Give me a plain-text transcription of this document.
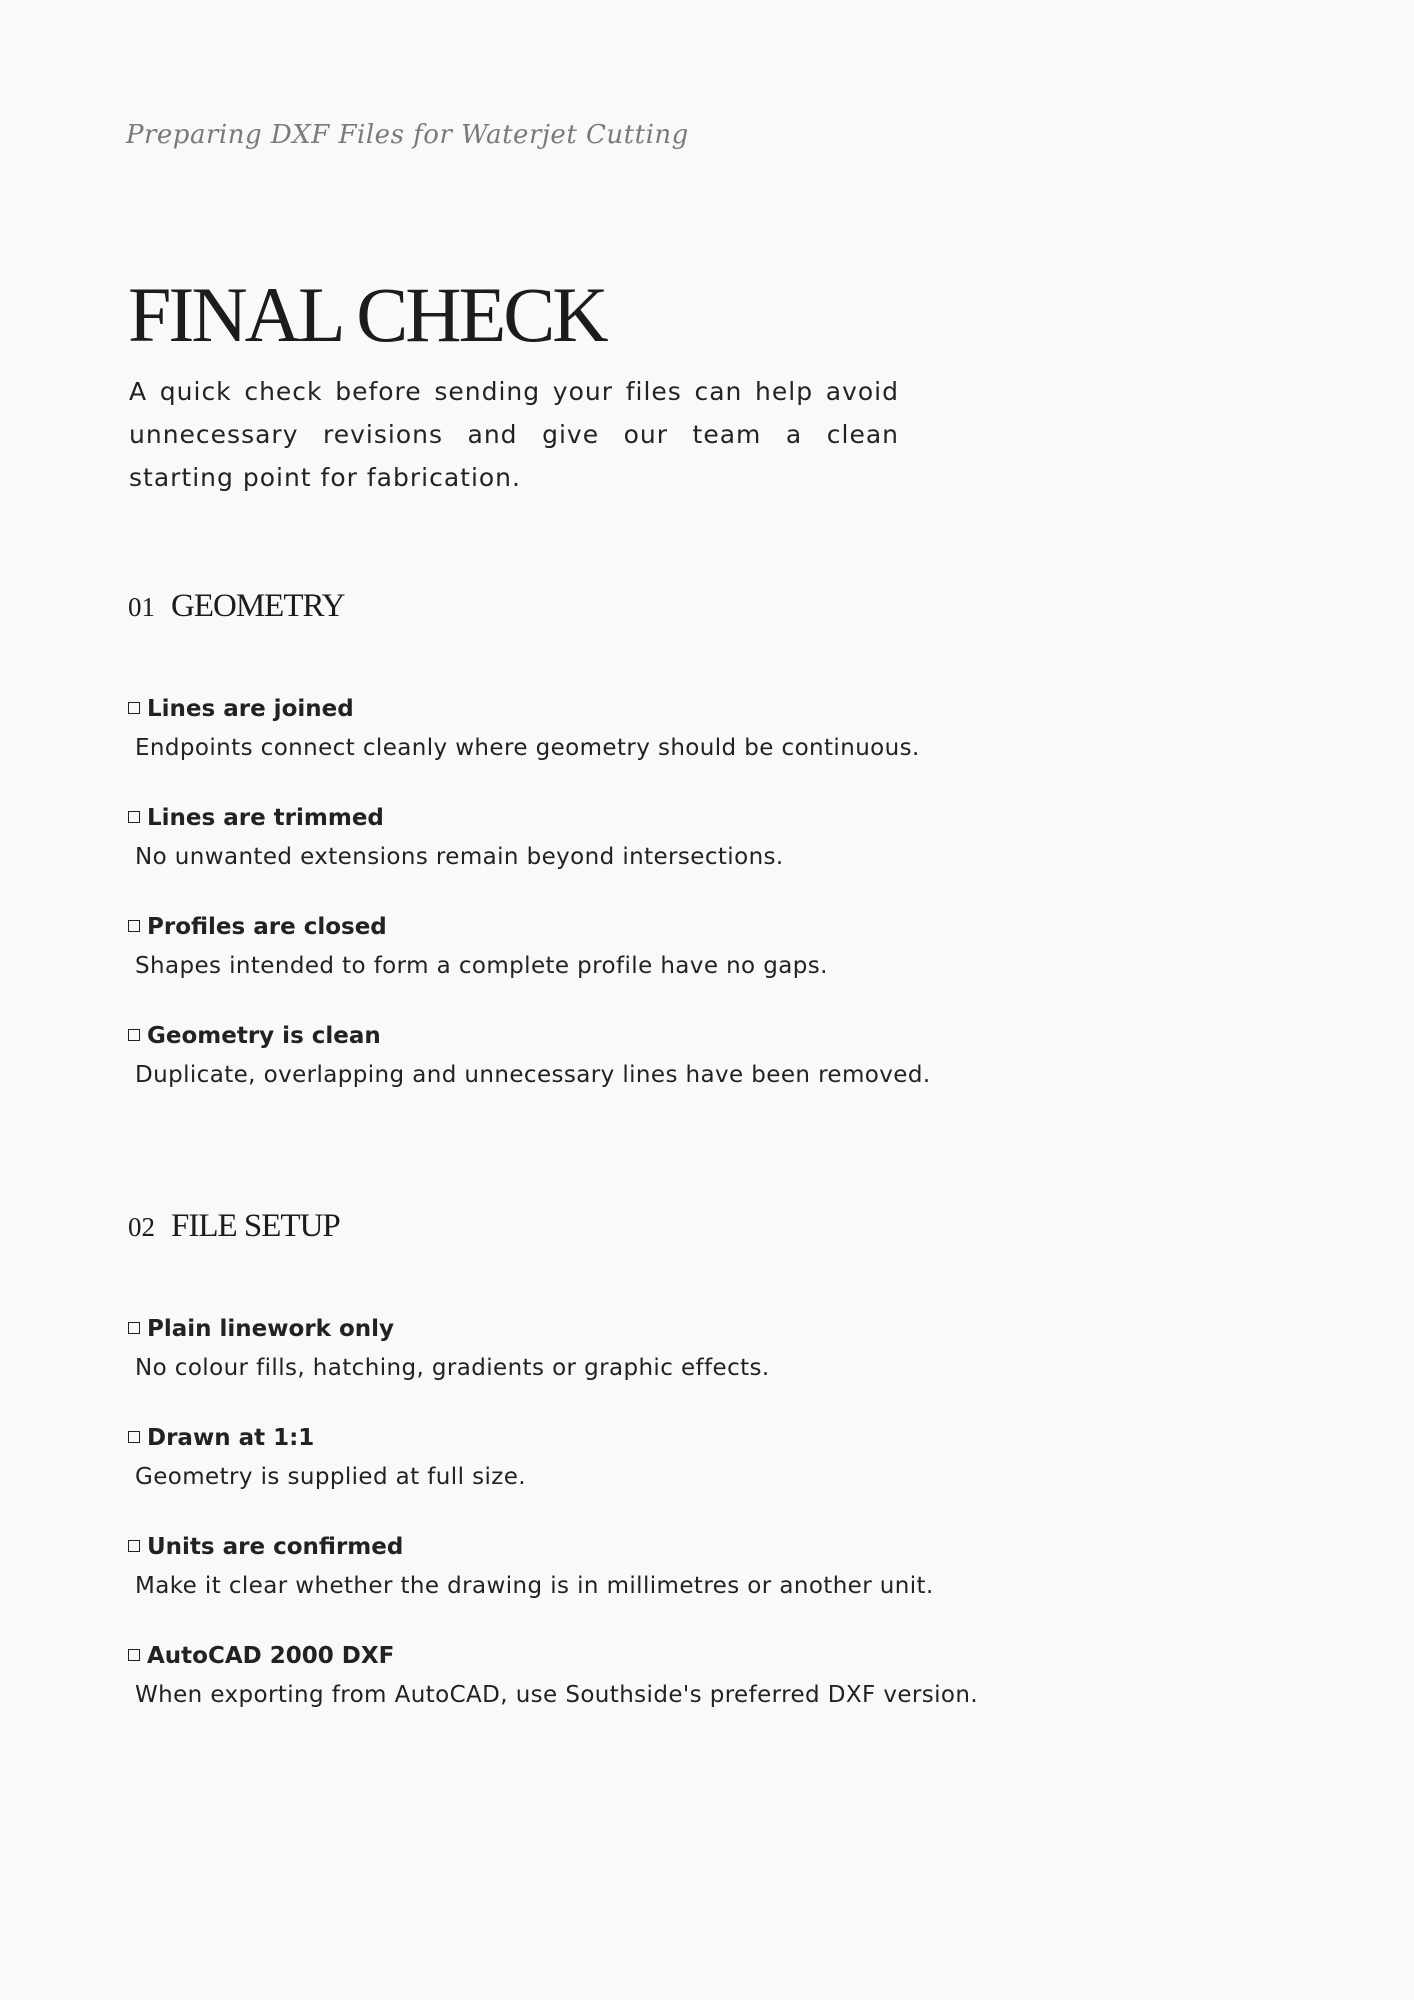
Preparing DXF Files for Waterjet Cutting
FINAL CHECK

A quick check before sending your files can help avoid unnecessary revisions and give our team a clean starting point for fabrication.

01 GEOMETRY
Lines are joined
Endpoints connect cleanly where geometry should be continuous.
Lines are trimmed
No unwanted extensions remain beyond intersections.
Profiles are closed
Shapes intended to form a complete profile have no gaps.
Geometry is clean
Duplicate, overlapping and unnecessary lines have been removed.
02 FILE SETUP
Plain linework only
No colour fills, hatching, gradients or graphic effects.
Drawn at 1:1
Geometry is supplied at full size.
Units are confirmed
Make it clear whether the drawing is in millimetres or another unit.
AutoCAD 2000 DXF
When exporting from AutoCAD, use Southside's preferred DXF version.
